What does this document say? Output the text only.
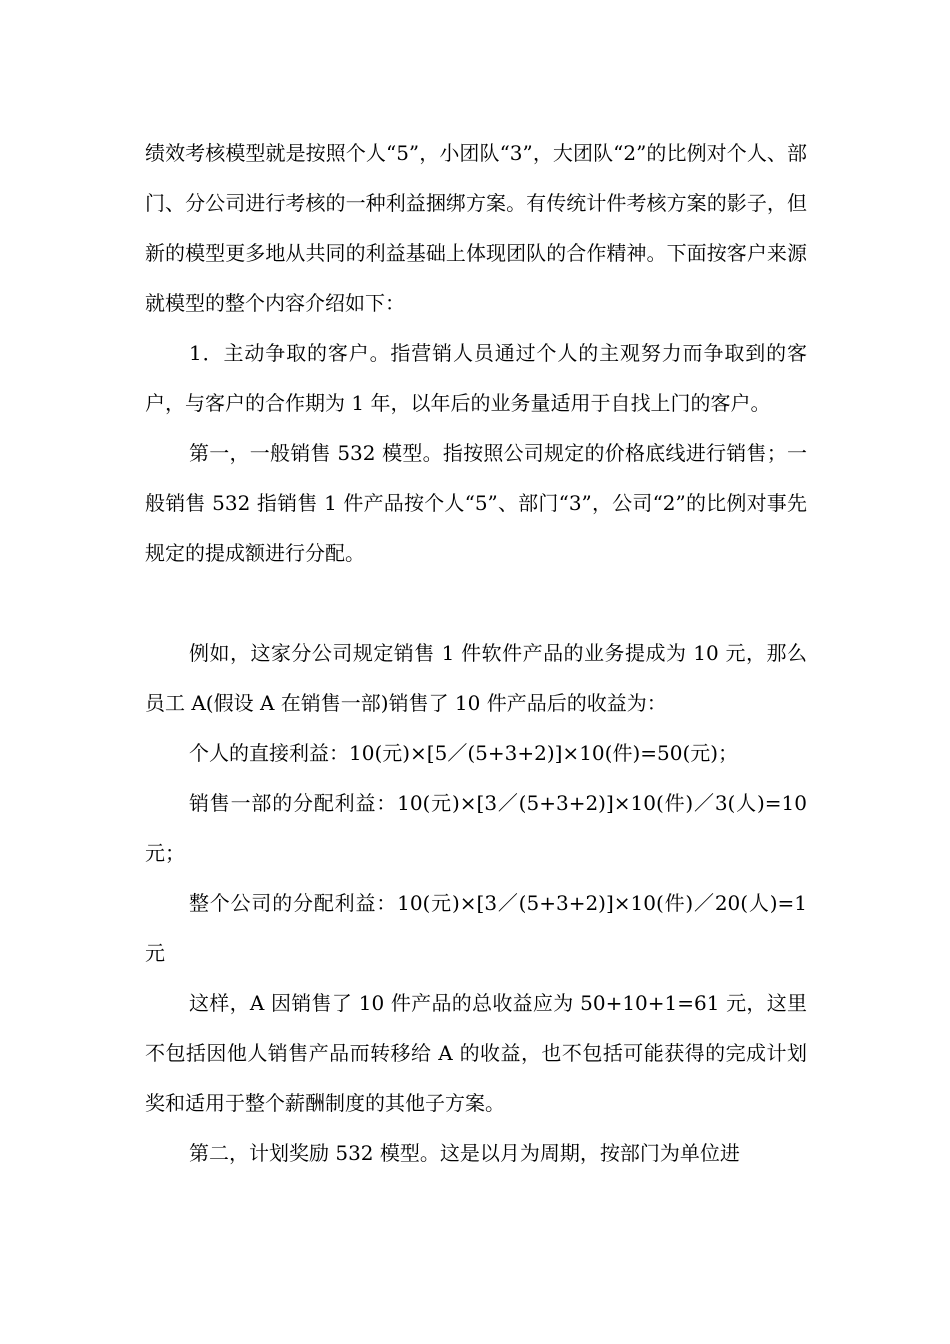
绩效考核模型就是按照个人“5”，小团队“3”，大团队“2”的比例对个人、部门、分公司进行考核的一种利益捆绑方案。有传统计件考核方案的影子，但新的模型更多地从共同的利益基础上体现团队的合作精神。下面按客户来源就模型的整个内容介绍如下：

1．主动争取的客户。指营销人员通过个人的主观努力而争取到的客户，与客户的合作期为 1 年，以年后的业务量适用于自找上门的客户。

第一，一般销售 532 模型。指按照公司规定的价格底线进行销售；一般销售 532 指销售 1 件产品按个人“5”、部门“3”，公司“2”的比例对事先规定的提成额进行分配。

例如，这家分公司规定销售 1 件软件产品的业务提成为 10 元，那么员工 A(假设 A 在销售一部)销售了 10 件产品后的收益为：

个人的直接利益：10(元)×[5／(5+3+2)]×10(件)=50(元)；

销售一部的分配利益：10(元)×[3／(5+3+2)]×10(件)／3(人)=10 元；

整个公司的分配利益：10(元)×[3／(5+3+2)]×10(件)／20(人)=1 元

这样，A 因销售了 10 件产品的总收益应为 50+10+1=61 元，这里不包括因他人销售产品而转移给 A 的收益，也不包括可能获得的完成计划奖和适用于整个薪酬制度的其他子方案。

第二，计划奖励 532 模型。这是以月为周期，按部门为单位进
